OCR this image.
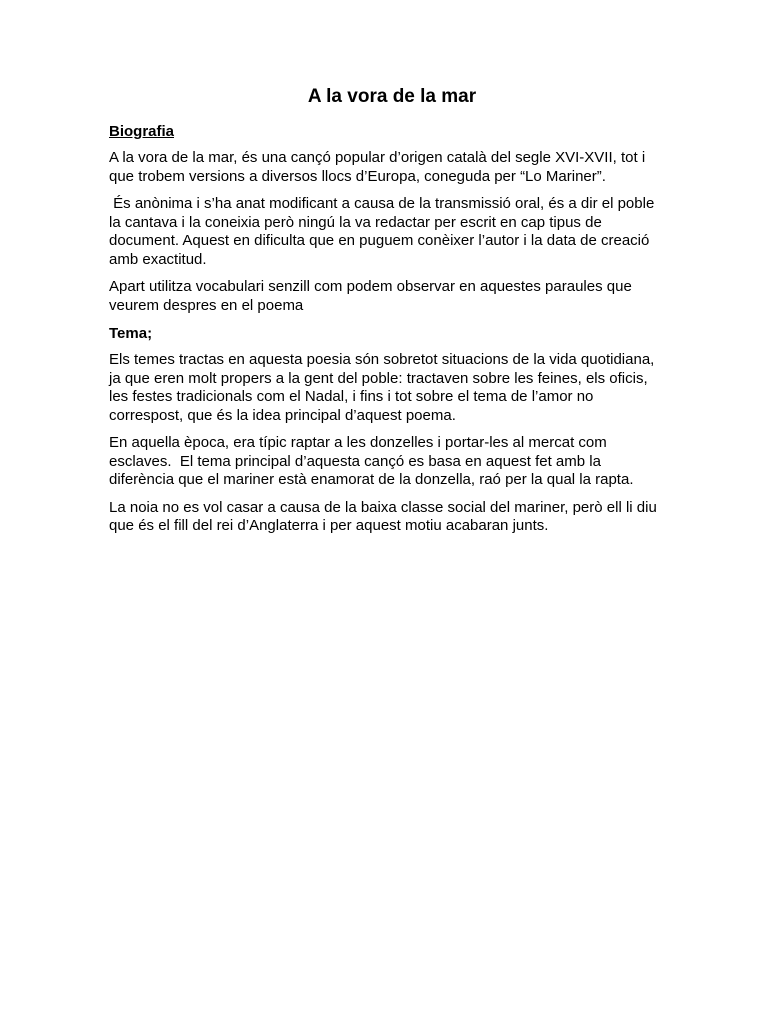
A la vora de la mar
Biografia

A la vora de la mar, és una cançó popular d’origen català del segle XVI-XVII, tot i que trobem versions a diversos llocs d’Europa, coneguda per “Lo Mariner”.

És anònima i s’ha anat modificant a causa de la transmissió oral, és a dir el poble la cantava i la coneixia però ningú la va redactar per escrit en cap tipus de document. Aquest en dificulta que en puguem conèixer l’autor i la data de creació amb exactitud.

Apart utilitza vocabulari senzill com podem observar en aquestes paraules que veurem despres en el poema

Tema;

Els temes tractas en aquesta poesia són sobretot situacions de la vida quotidiana, ja que eren molt propers a la gent del poble: tractaven sobre les feines, els oficis, les festes tradicionals com el Nadal, i fins i tot sobre el tema de l’amor no correspost, que és la idea principal d’aquest poema.

En aquella època, era típic raptar a les donzelles i portar-les al mercat com esclaves.  El tema principal d’aquesta cançó es basa en aquest fet amb la diferència que el mariner està enamorat de la donzella, raó per la qual la rapta.

La noia no es vol casar a causa de la baixa classe social del mariner, però ell li diu que és el fill del rei d’Anglaterra i per aquest motiu acabaran junts.
